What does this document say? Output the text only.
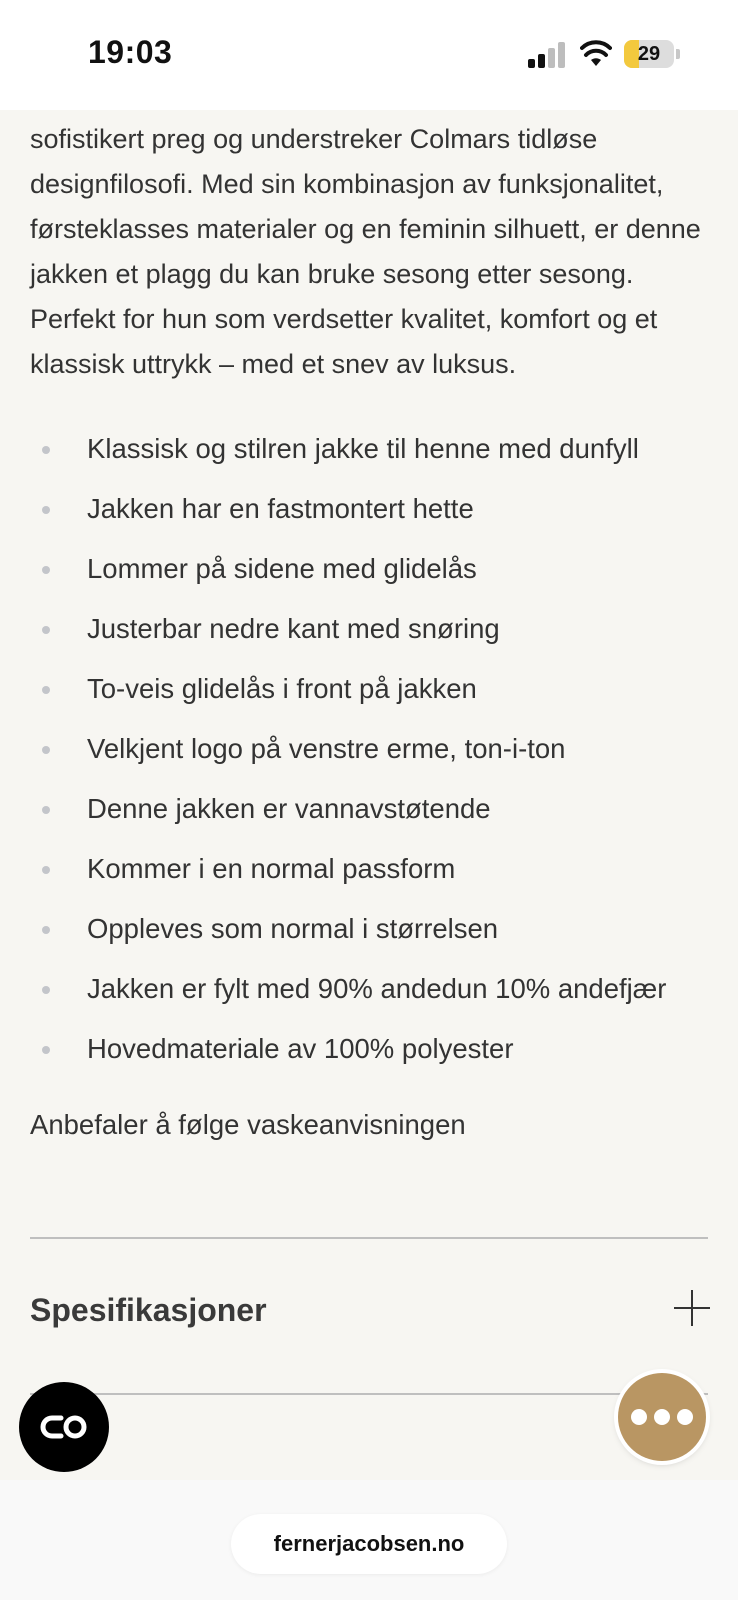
19:03	29

sofistikert preg og understreker Colmars tidløse designfilosofi. Med sin kombinasjon av funksjonalitet, førsteklasses materialer og en feminin silhuett, er denne jakken et plagg du kan bruke sesong etter sesong. Perfekt for hun som verdsetter kvalitet, komfort og et klassisk uttrykk – med et snev av luksus.

Klassisk og stilren jakke til henne med dunfyll
Jakken har en fastmontert hette
Lommer på sidene med glidelås
Justerbar nedre kant med snøring
To-veis glidelås i front på jakken
Velkjent logo på venstre erme, ton-i-ton
Denne jakken er vannavstøtende
Kommer i en normal passform
Oppleves som normal i størrelsen
Jakken er fylt med 90% andedun 10% andefjær
Hovedmateriale av 100% polyester

Anbefaler å følge vaskeanvisningen

Spesifikasjoner
fernerjacobsen.no
